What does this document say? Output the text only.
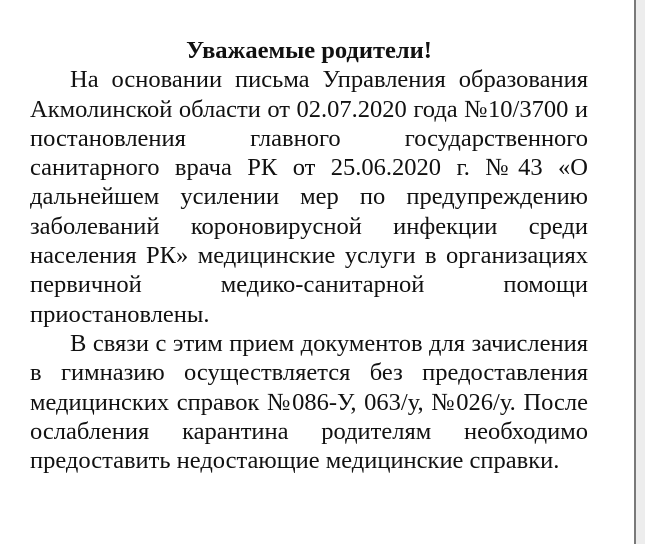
Уважаемые родители!

На основании письма Управления образования Акмолинской области от 02.07.2020 года №10/3700 и постановления главного государственного санитарного врача РК от 25.06.2020 г. №43 «О дальнейшем усилении мер по предупреждению заболеваний короновирусной инфекции среди населения РК» медицинские услуги в организациях первичной медико-санитарной помощи приостановлены.

В связи с этим прием документов для зачисления в гимназию осуществляется без предоставления медицинских справок №086-У, 063/у, №026/у. После ослабления карантина родителям необходимо предоставить недостающие медицинские справки.
